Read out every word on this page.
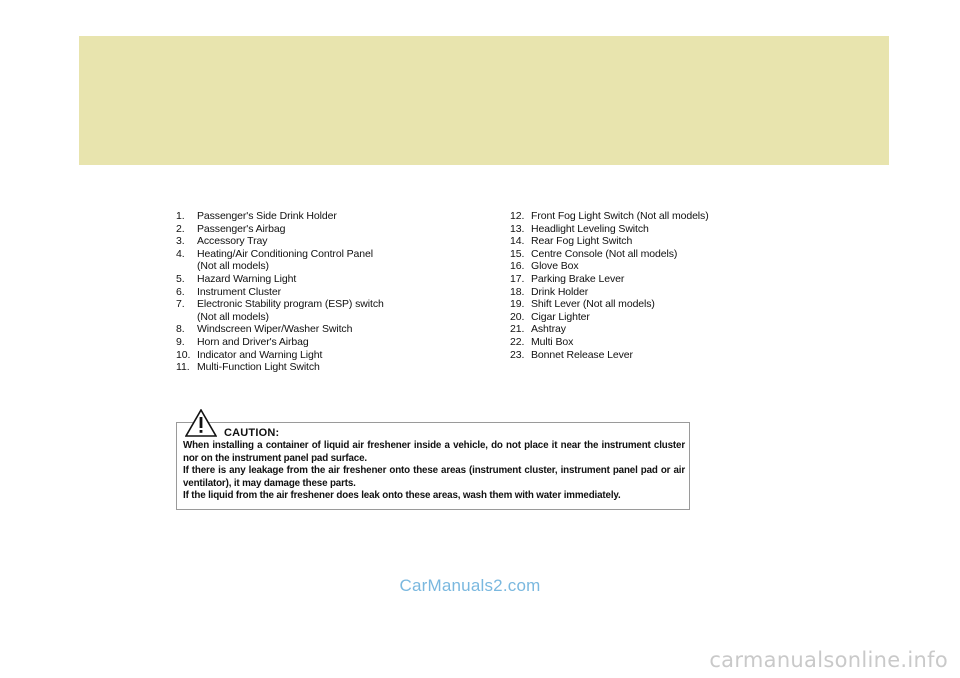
1. Passenger's Side Drink Holder
2. Passenger's Airbag
3. Accessory Tray
4. Heating/Air Conditioning Control Panel
(Not all models)
5. Hazard Warning Light
6. Instrument Cluster
7. Electronic Stability program (ESP) switch
(Not all models)
8. Windscreen Wiper/Washer Switch
9. Horn and Driver's Airbag
10. Indicator and Warning Light
11. Multi-Function Light Switch
12. Front Fog Light Switch (Not all models)
13. Headlight Leveling Switch
14. Rear Fog Light Switch
15. Centre Console (Not all models)
16. Glove Box
17. Parking Brake Lever
18. Drink Holder
19. Shift Lever (Not all models)
20. Cigar Lighter
21. Ashtray
22. Multi Box
23. Bonnet Release Lever
CAUTION:

When installing a container of liquid air freshener inside a vehicle, do not place it near the instrument cluster nor on the instrument panel pad surface.

If there is any leakage from the air freshener onto these areas (instrument cluster, instrument panel pad or air ventilator), it may damage these parts.

If the liquid from the air freshener does leak onto these areas, wash them with water immediately.

CarManuals2.com
carmanualsonline.info
